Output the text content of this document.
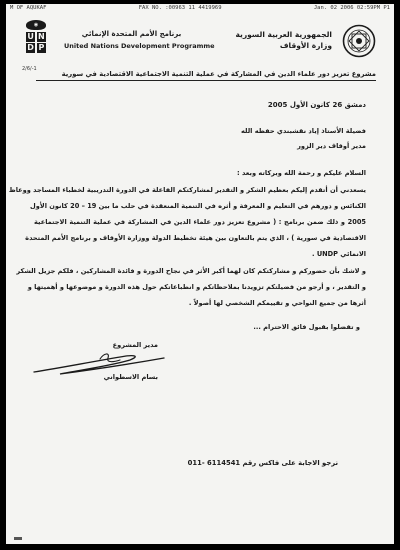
M OF AQUKAF	FAX NO. :00963 11 4419969	Jan. 02 2006 02:59PM P1
◉
U N
D P
2/6/-1
برنامج الأمم المتحدة الإنمائي
United Nations Development Programme
الجمهورية العربية السورية
وزارة الأوقاف
مشروع تعزيز دور علماء الدين في المشاركة في عملية التنمية الاجتماعية الاقتصادية في سورية
دمشق 26 كانون الأول 2005
فضيلة الأستاذ إياد نقشبندي حفظه الله
مدير أوقاف دير الزور
السلام عليكم و رحمة الله وبركاته وبعد :
يسعدني أن أتقدم إليكم بعظيم الشكر و التقدير لمشاركتكم الفاعلة في الدورة التدريبية لخطباء المساجد ووعاظ
الكنائس و دورهم في التعليم و المعرفة و أثره في التنمية المنعقدة في حلب ما بين 19 – 20 كانون الأول
2005 و ذلك ضمن برنامج : ( مشروع تعزيز دور علماء الدين في المشاركة في عملية التنمية الاجتماعية
الاقتصادية في سورية ) ، الذي يتم بالتعاون بين هيئة تخطيط الدولة ووزارة الأوقاف و برنامج الأمم المتحدة
الانمائي UNDP .
و لاشك بأن حضوركم و مشاركتكم كان لهما أكبر الأثر في نجاح الدورة و فائدة المشاركين ، فلكم جزيل الشكر
و التقدير ، و أرجو من فضيلتكم تزويدنا بملاحظاتكم و انطباعاتكم حول هذه الدورة و موضوعها و أهميتها و
أثرها من جميع النواحي و تقييمكم الشخصي لها أصولاً .
و تفضلوا بقبول فائق الاحترام ...
مدير المشروع
بسام الاسطواني
نرجو الاجابة على فاكس رقم 6114541 -011
